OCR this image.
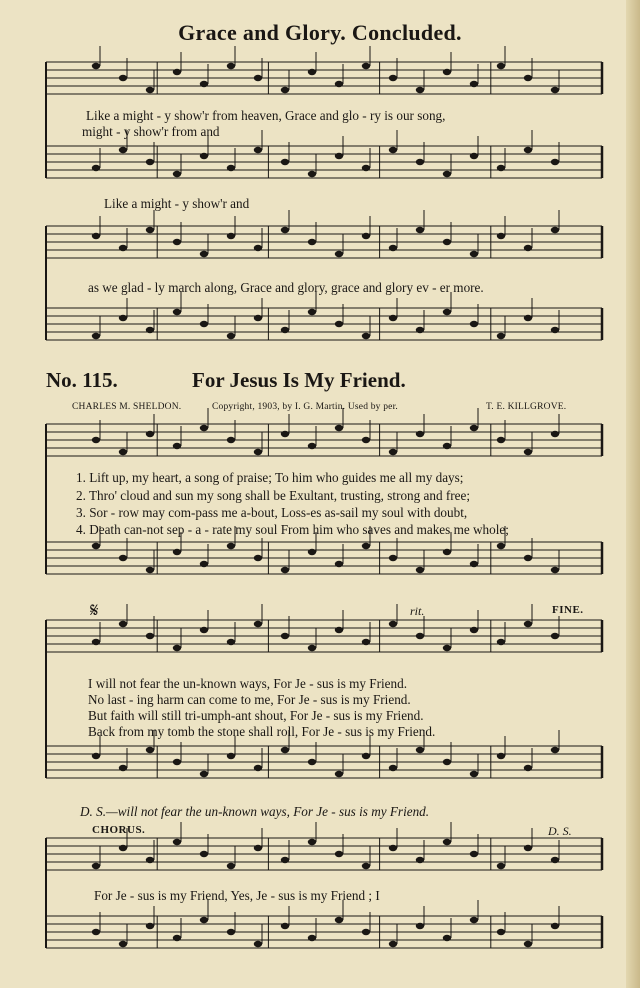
Grace and Glory. Concluded.
Like a might - y show'r from heaven, Grace and glo - ry is our song,
might - y show'r from and
Like a might - y show'r and
as we glad - ly march along, Grace and glory, grace and glory ev - er more.
No. 115.	For Jesus Is My Friend.
CHARLES M. SHELDON.	Copyright, 1903, by I. G. Martin. Used by per.	T. E. KILLGROVE.
1. Lift up, my heart, a song of praise; To him who guides me all my days;
2. Thro' cloud and sun my song shall be Exultant, trusting, strong and free;
3. Sor - row may com-pass me a-bout, Loss-es as-sail my soul with doubt,
4. Death can-not sep - a - rate my soul From him who saves and makes me whole;
𝄋	rit.	FINE.
I will not fear the un-known ways, For Je - sus is my Friend.
No last - ing harm can come to me, For Je - sus is my Friend.
But faith will still tri-umph-ant shout, For Je - sus is my Friend.
Back from my tomb the stone shall roll, For Je - sus is my Friend.
D. S.—will not fear the un-known ways, For Je - sus is my Friend.
CHORUS.	D. S.
For Je - sus is my Friend, Yes, Je - sus is my Friend ; I
